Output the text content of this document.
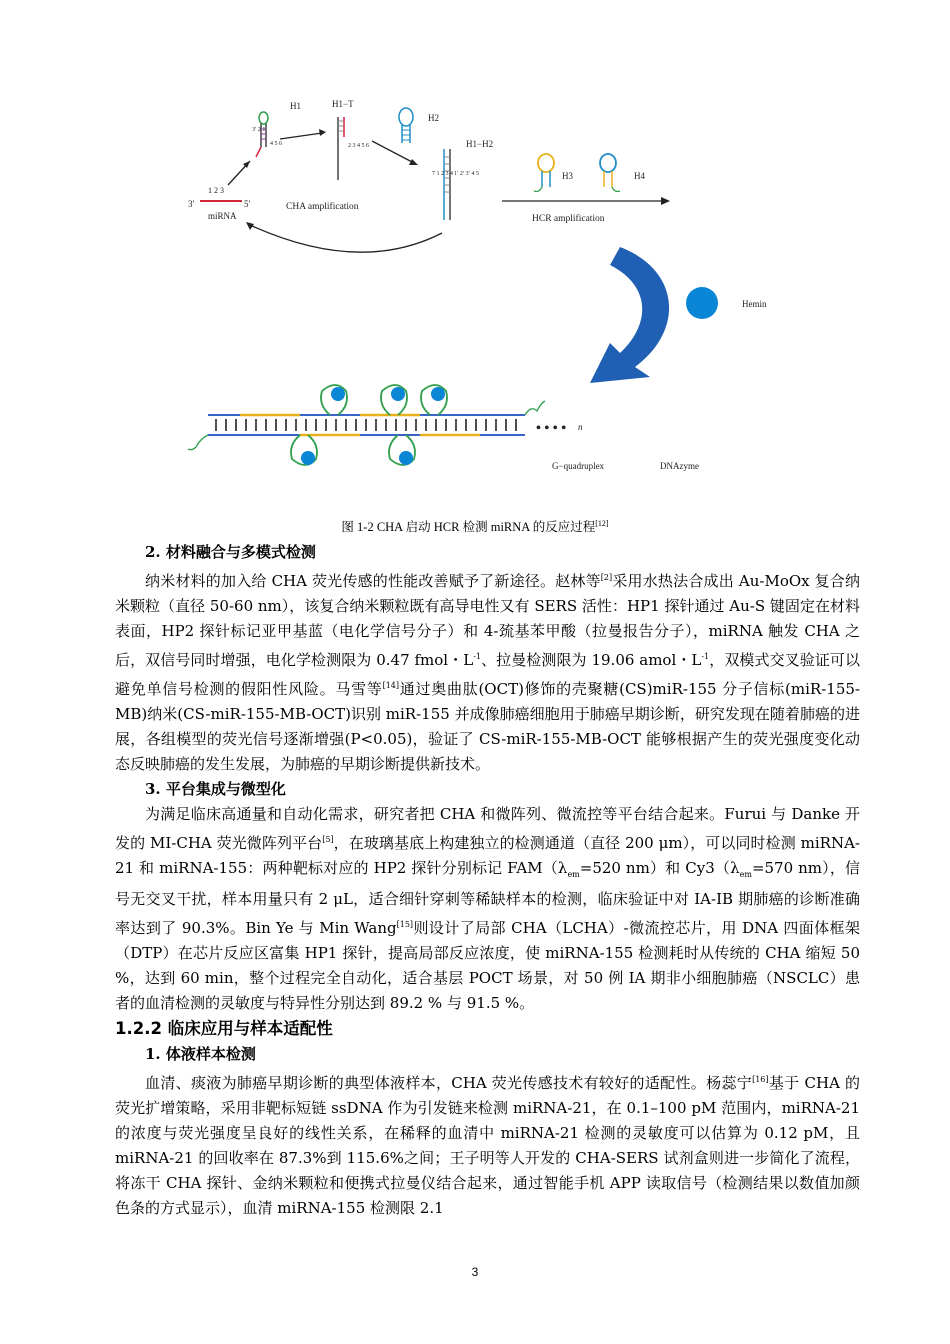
H1
3′ 2 1
4 5 6
1 2 3
3′	5′
miRNA
H1−T
2 3 4 5 6
H2
H1−H2
7 1 2 3 4 1′ 2′ 3′ 4 5
CHA amplification
H3	H4
HCR amplification
Hemin
• • • • n
G−quadruplex	DNAzyme
图 1-2 CHA 启动 HCR 检测 miRNA 的反应过程[12]

2. 材料融合与多模式检测

纳米材料的加入给 CHA 荧光传感的性能改善赋予了新途径。赵林等[2]采用水热法合成出 Au-MoOx 复合纳米颗粒（直径 50-60 nm），该复合纳米颗粒既有高导电性又有 SERS 活性：HP1 探针通过 Au-S 键固定在材料表面，HP2 探针标记亚甲基蓝（电化学信号分子）和 4-巯基苯甲酸（拉曼报告分子），miRNA 触发 CHA 之后，双信号同时增强，电化学检测限为 0.47 fmol・$L^{-1}$、拉曼检测限为 19.06 amol・$L^{-1}$，双模式交叉验证可以避免单信号检测的假阳性风险。马雪等[14]通过奥曲肽(OCT)修饰的壳聚糖(CS)miR-155 分子信标(miR-155-MB)纳米(CS-miR-155-MB-OCT)识别 miR-155 并成像肺癌细胞用于肺癌早期诊断，研究发现在随着肺癌的进展，各组模型的荧光信号逐渐增强(P<0.05)，验证了 CS-miR-155-MB-OCT 能够根据产生的荧光强度变化动态反映肺癌的发生发展，为肺癌的早期诊断提供新技术。

3. 平台集成与微型化

为满足临床高通量和自动化需求，研究者把 CHA 和微阵列、微流控等平台结合起来。Furui 与 Danke 开发的 MI-CHA 荧光微阵列平台[5]，在玻璃基底上构建独立的检测通道（直径 200 μm），可以同时检测 miRNA-21 和 miRNA-155：两种靶标对应的 HP2 探针分别标记 $FAM(\lambda_{em}=520$ nm）和 $Cy3(\lambda_{em}=570$ nm），信号无交叉干扰，样本用量只有 2 μL，适合细针穿刺等稀缺样本的检测，临床验证中对 IA-IB 期肺癌的诊断准确率达到了 90.3%。Bin Ye 与 Min Wang[15]则设计了局部 CHA（LCHA）-微流控芯片，用 DNA 四面体框架（DTP）在芯片反应区富集 HP1 探针，提高局部反应浓度，使 miRNA-155 检测耗时从传统的 CHA 缩短 50 %，达到 60 min，整个过程完全自动化，适合基层 POCT 场景，对 50 例 IA 期非小细胞肺癌（NSCLC）患者的血清检测的灵敏度与特异性分别达到 89.2 % 与 91.5 %。

1.2.2 临床应用与样本适配性

1. 体液样本检测

血清、痰液为肺癌早期诊断的典型体液样本，CHA 荧光传感技术有较好的适配性。杨蕊宁[16]基于 CHA 的荧光扩增策略，采用非靶标短链 ssDNA 作为引发链来检测 miRNA-21，在 0.1–100 pM 范围内，miRNA-21 的浓度与荧光强度呈良好的线性关系，在稀释的血清中 miRNA-21 检测的灵敏度可以估算为 0.12 pM，且 miRNA-21 的回收率在 87.3%到 115.6%之间；王子明等人开发的 CHA-SERS 试剂盒则进一步简化了流程，将冻干 CHA 探针、金纳米颗粒和便携式拉曼仪结合起来，通过智能手机 APP 读取信号（检测结果以数值加颜色条的方式显示），血清 miRNA-155 检测限 2.1

3
